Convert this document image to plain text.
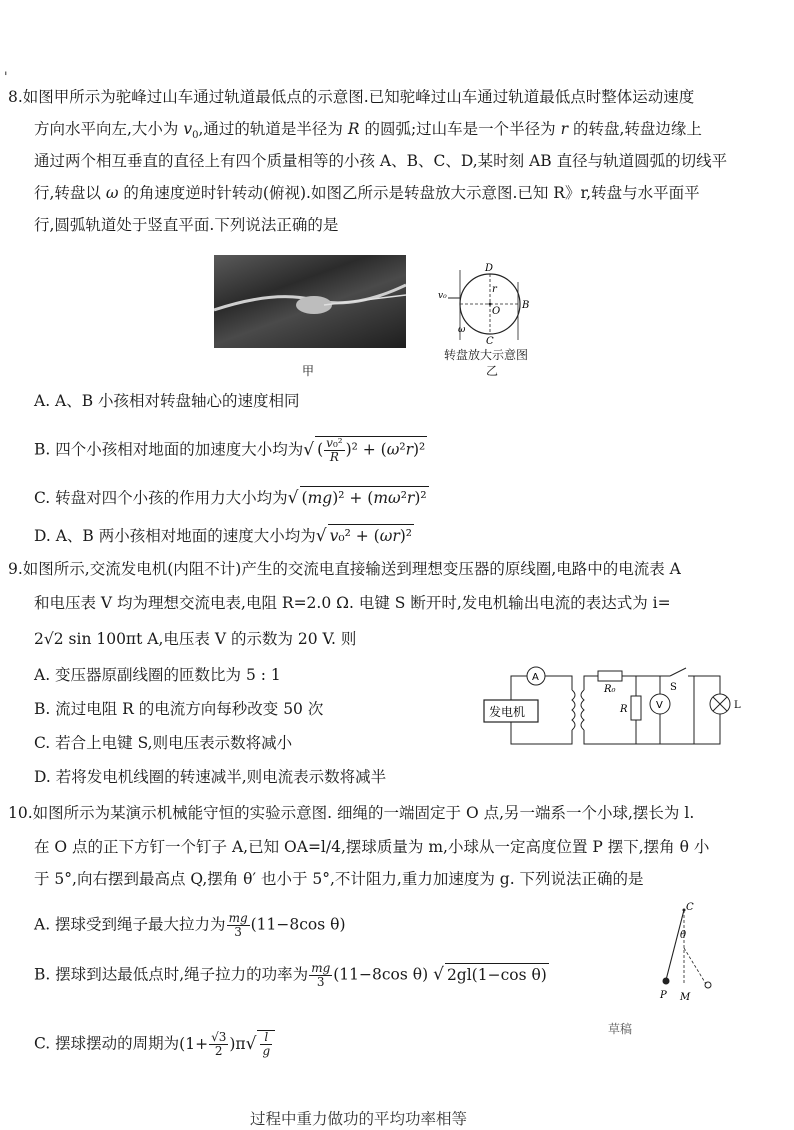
'
8.如图甲所示为驼峰过山车通过轨道最低点的示意图.已知驼峰过山车通过轨道最低点时整体运动速度
方向水平向左,大小为 $v_0$,通过的轨道是半径为 R 的圆弧;过山车是一个半径为 r 的转盘,转盘边缘上
通过两个相互垂直的直径上有四个质量相等的小孩 A、B、C、D,某时刻 AB 直径与轨道圆弧的切线平
行,转盘以 ω 的角速度逆时针转动(俯视).如图乙所示是转盘放大示意图.已知 R》r,转盘与水平面平
行,圆弧轨道处于竖直平面.下列说法正确的是
甲
D
B
C
O
r
v₀
ω
转盘放大示意图
乙
A. A、B 小孩相对转盘轴心的速度相同
B. 四个小孩相对地面的加速度大小均为√ ( $\frac{\text{v₀²}}{R} )^2 + (\omega^2r)^2$
C. 转盘对四个小孩的作用力大小均为√ (mg)² + (mω²r)²
D. A、B 两小孩相对地面的速度大小均为√ v₀² + (ωr)²
9.如图所示,交流发电机(内阻不计)产生的交流电直接输送到理想变压器的原线圈,电路中的电流表 A
和电压表 V 均为理想交流电表,电阻 R=2.0 Ω. 电键 S 断开时,发电机输出电流的表达式为 i=
2√2 sin 100πt A,电压表 V 的示数为 20 V. 则
A. 变压器原副线圈的匝数比为 5 : 1
B. 流过电阻 R 的电流方向每秒改变 50 次
C. 若合上电键 S,则电压表示数将减小
D. 若将发电机线圈的转速减半,则电流表示数将减半
发电机
A
R₀	S
R	V	L
10.如图所示为某演示机械能守恒的实验示意图. 细绳的一端固定于 O 点,另一端系一个小球,摆长为 l.
在 O 点的正下方钉一个钉子 A,已知 OA=l/4,摆球质量为 m,小球从一定高度位置 P 摆下,摆角 θ 小
于 5°,向右摆到最高点 Q,摆角 θ′ 也小于 5°,不计阻力,重力加速度为 g. 下列说法正确的是
A. 摆球受到绳子最大拉力为 $\frac{mg}{3} (11-8\cos$ θ)
B. 摆球到达最低点时,绳子拉力的功率为 $\frac{mg}{3} (11-8\cos$ θ) √ 2gl(1−cos θ)
C. 摆球摆动的周期为$(1+ \frac{√3}{2} )\pi√ \frac{l}{g}$
C
θ
P M
草稿
过程中重力做功的平均功率相等
